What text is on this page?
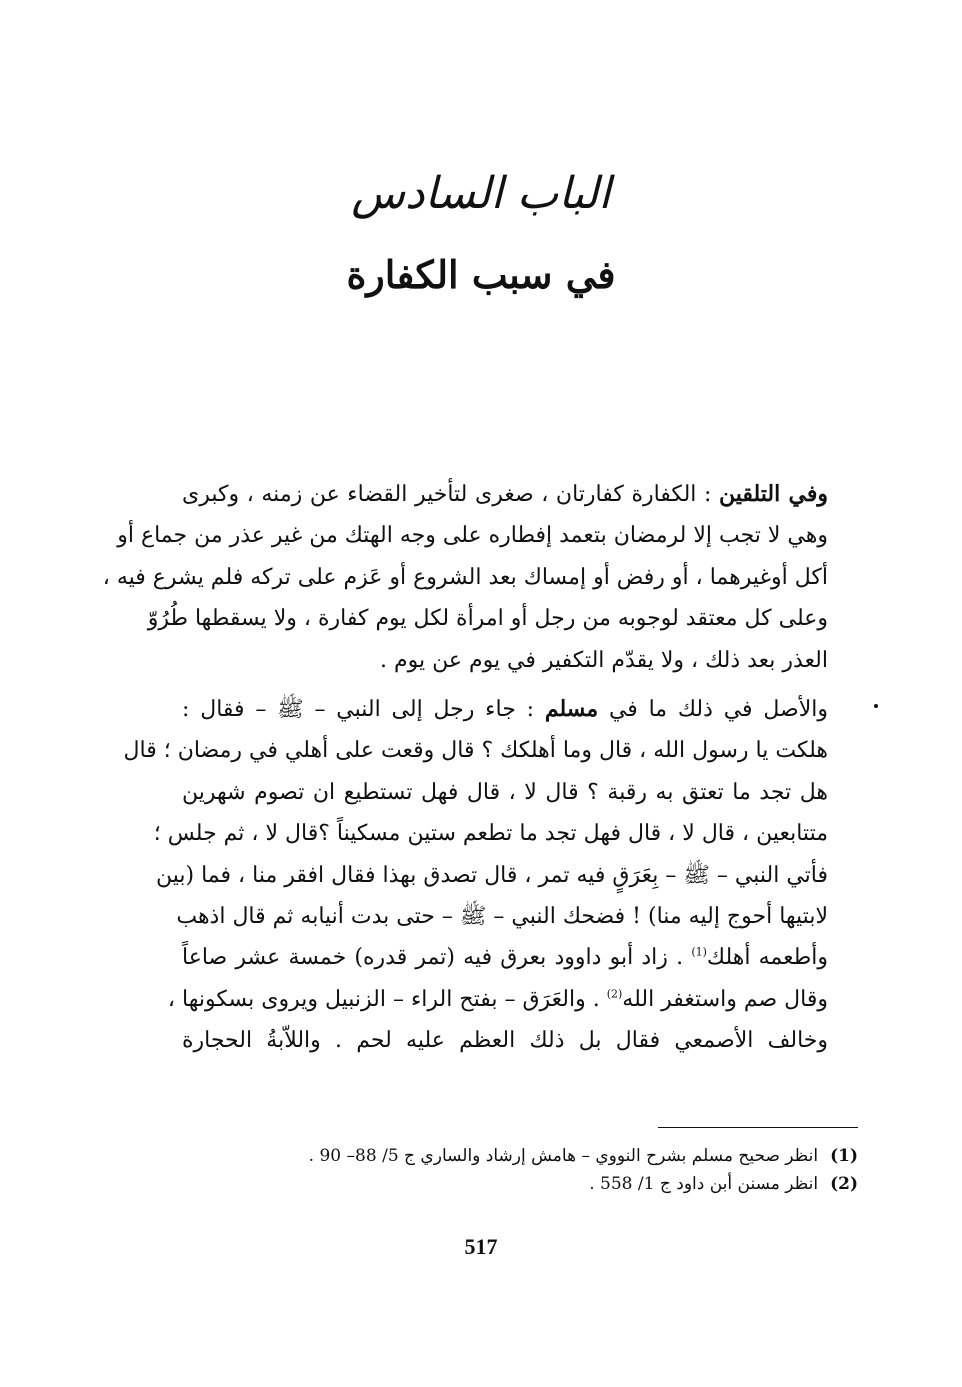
الباب السادس
في سبب الكفارة

وفي التلقين : الكفارة كفارتان ، صغرى لتأخير القضاء عن زمنه ، وكبرى
وهي لا تجب إلا لرمضان بتعمد إفطاره على وجه الهتك من غير عذر من جماع أو
أكل أوغيرهما ، أو رفض أو إمساك بعد الشروع أو عَزم على تركه فلم يشرع فيه ،
وعلى كل معتقد لوجوبه من رجل أو امرأة لكل يوم كفارة ، ولا يسقطها طُرُوّ
العذر بعد ذلك ، ولا يقدّم التكفير في يوم عن يوم .

والأصل في ذلك ما في مسلم : جاء رجل إلى النبي – ﷺ – فقال :
هلكت يا رسول الله ، قال وما أهلكك ؟ قال وقعت على أهلي في رمضان ؛ قال
هل تجد ما تعتق به رقبة ؟ قال لا ، قال فهل تستطيع ان تصوم شهرين
متتابعين ، قال لا ، قال فهل تجد ما تطعم ستين مسكيناً ؟قال لا ، ثم جلس ؛
فأتي النبي – ﷺ – بِعَرَقٍ فيه تمر ، قال تصدق بهذا فقال افقر منا ، فما (بين
لابتيها أحوج إليه منا) ! فضحك النبي – ﷺ – حتى بدت أنيابه ثم قال اذهب
وأطعمه أهلك$^{(1)}$ . زاد أبو داوود بعرق فيه (تمر قدره) خمسة عشر صاعاً
وقال صم واستغفر الله$^{(2)}$ . والعَرَق – بفتح الراء – الزنبيل ويروى بسكونها ،
وخالف الأصمعي فقال بل ذلك العظم عليه لحم . واللاّبةُ الحجارة

(1)انظر صحيح مسلم بشرح النووي – هامش إرشاد والساري ج 5/ 88– 90 .
(2)انظر مسنن أبن داود ج 1/ 558 .
517
